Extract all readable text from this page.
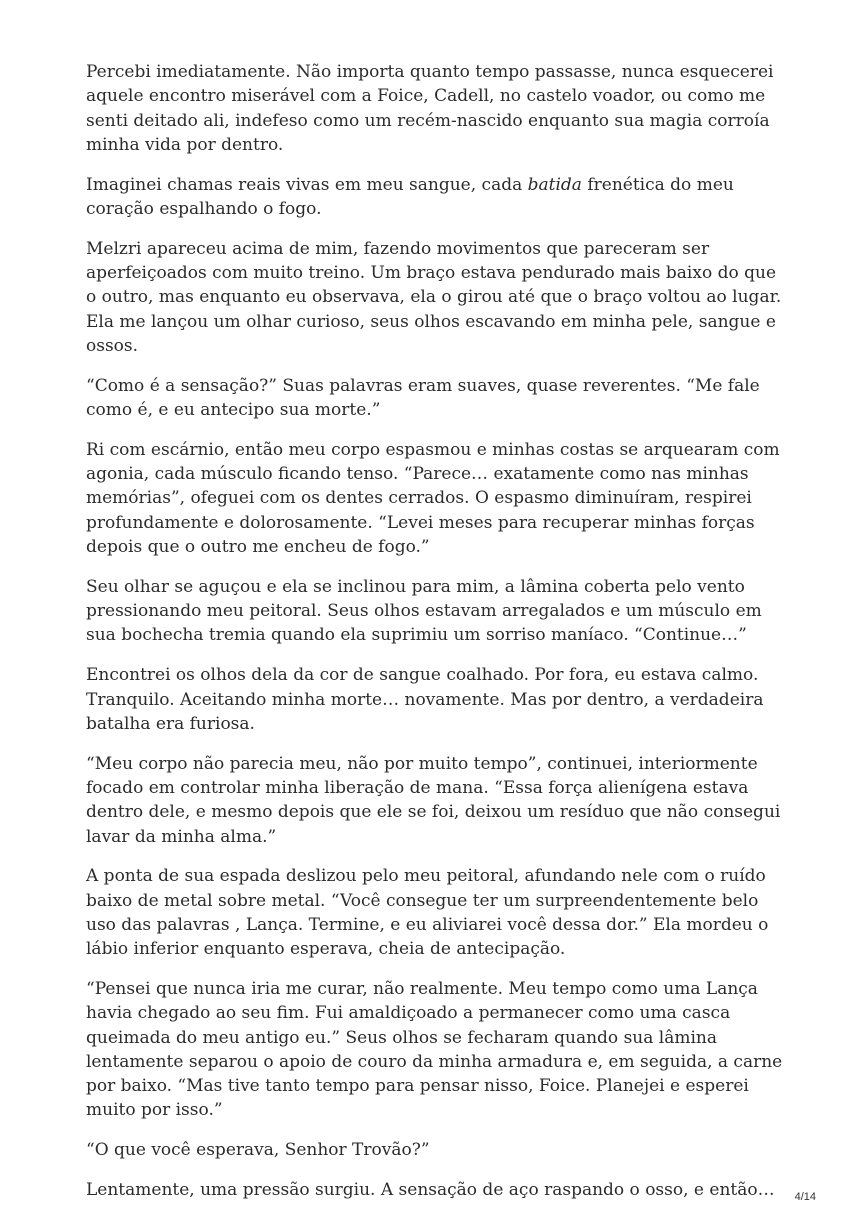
Percebi imediatamente. Não importa quanto tempo passasse, nunca esquecerei aquele encontro miserável com a Foice, Cadell, no castelo voador, ou como me senti deitado ali, indefeso como um recém-nascido enquanto sua magia corroía minha vida por dentro.

Imaginei chamas reais vivas em meu sangue, cada batida frenética do meu coração espalhando o fogo.

Melzri apareceu acima de mim, fazendo movimentos que pareceram ser aperfeiçoados com muito treino. Um braço estava pendurado mais baixo do que o outro, mas enquanto eu observava, ela o girou até que o braço voltou ao lugar. Ela me lançou um olhar curioso, seus olhos escavando em minha pele, sangue e ossos.

“Como é a sensação?” Suas palavras eram suaves, quase reverentes. “Me fale como é, e eu antecipo sua morte.”

Ri com escárnio, então meu corpo espasmou e minhas costas se arquearam com agonia, cada músculo ficando tenso. “Parece… exatamente como nas minhas memórias”, ofeguei com os dentes cerrados. O espasmo diminuíram, respirei profundamente e dolorosamente. “Levei meses para recuperar minhas forças depois que o outro me encheu de fogo.”

Seu olhar se aguçou e ela se inclinou para mim, a lâmina coberta pelo vento pressionando meu peitoral. Seus olhos estavam arregalados e um músculo em sua bochecha tremia quando ela suprimiu um sorriso maníaco. “Continue…”

Encontrei os olhos dela da cor de sangue coalhado. Por fora, eu estava calmo. Tranquilo. Aceitando minha morte… novamente. Mas por dentro, a verdadeira batalha era furiosa.

“Meu corpo não parecia meu, não por muito tempo”, continuei, interiormente focado em controlar minha liberação de mana. “Essa força alienígena estava dentro dele, e mesmo depois que ele se foi, deixou um resíduo que não consegui lavar da minha alma.”

A ponta de sua espada deslizou pelo meu peitoral, afundando nele com o ruído baixo de metal sobre metal. “Você consegue ter um surpreendentemente belo uso das palavras , Lança. Termine, e eu aliviarei você dessa dor.” Ela mordeu o lábio inferior enquanto esperava, cheia de antecipação.

“Pensei que nunca iria me curar, não realmente. Meu tempo como uma Lança havia chegado ao seu fim. Fui amaldiçoado a permanecer como uma casca queimada do meu antigo eu.” Seus olhos se fecharam quando sua lâmina lentamente separou o apoio de couro da minha armadura e, em seguida, a carne por baixo. “Mas tive tanto tempo para pensar nisso, Foice. Planejei e esperei muito por isso.”

“O que você esperava, Senhor Trovão?”

Lentamente, uma pressão surgiu. A sensação de aço raspando o osso, e então…	4/14
